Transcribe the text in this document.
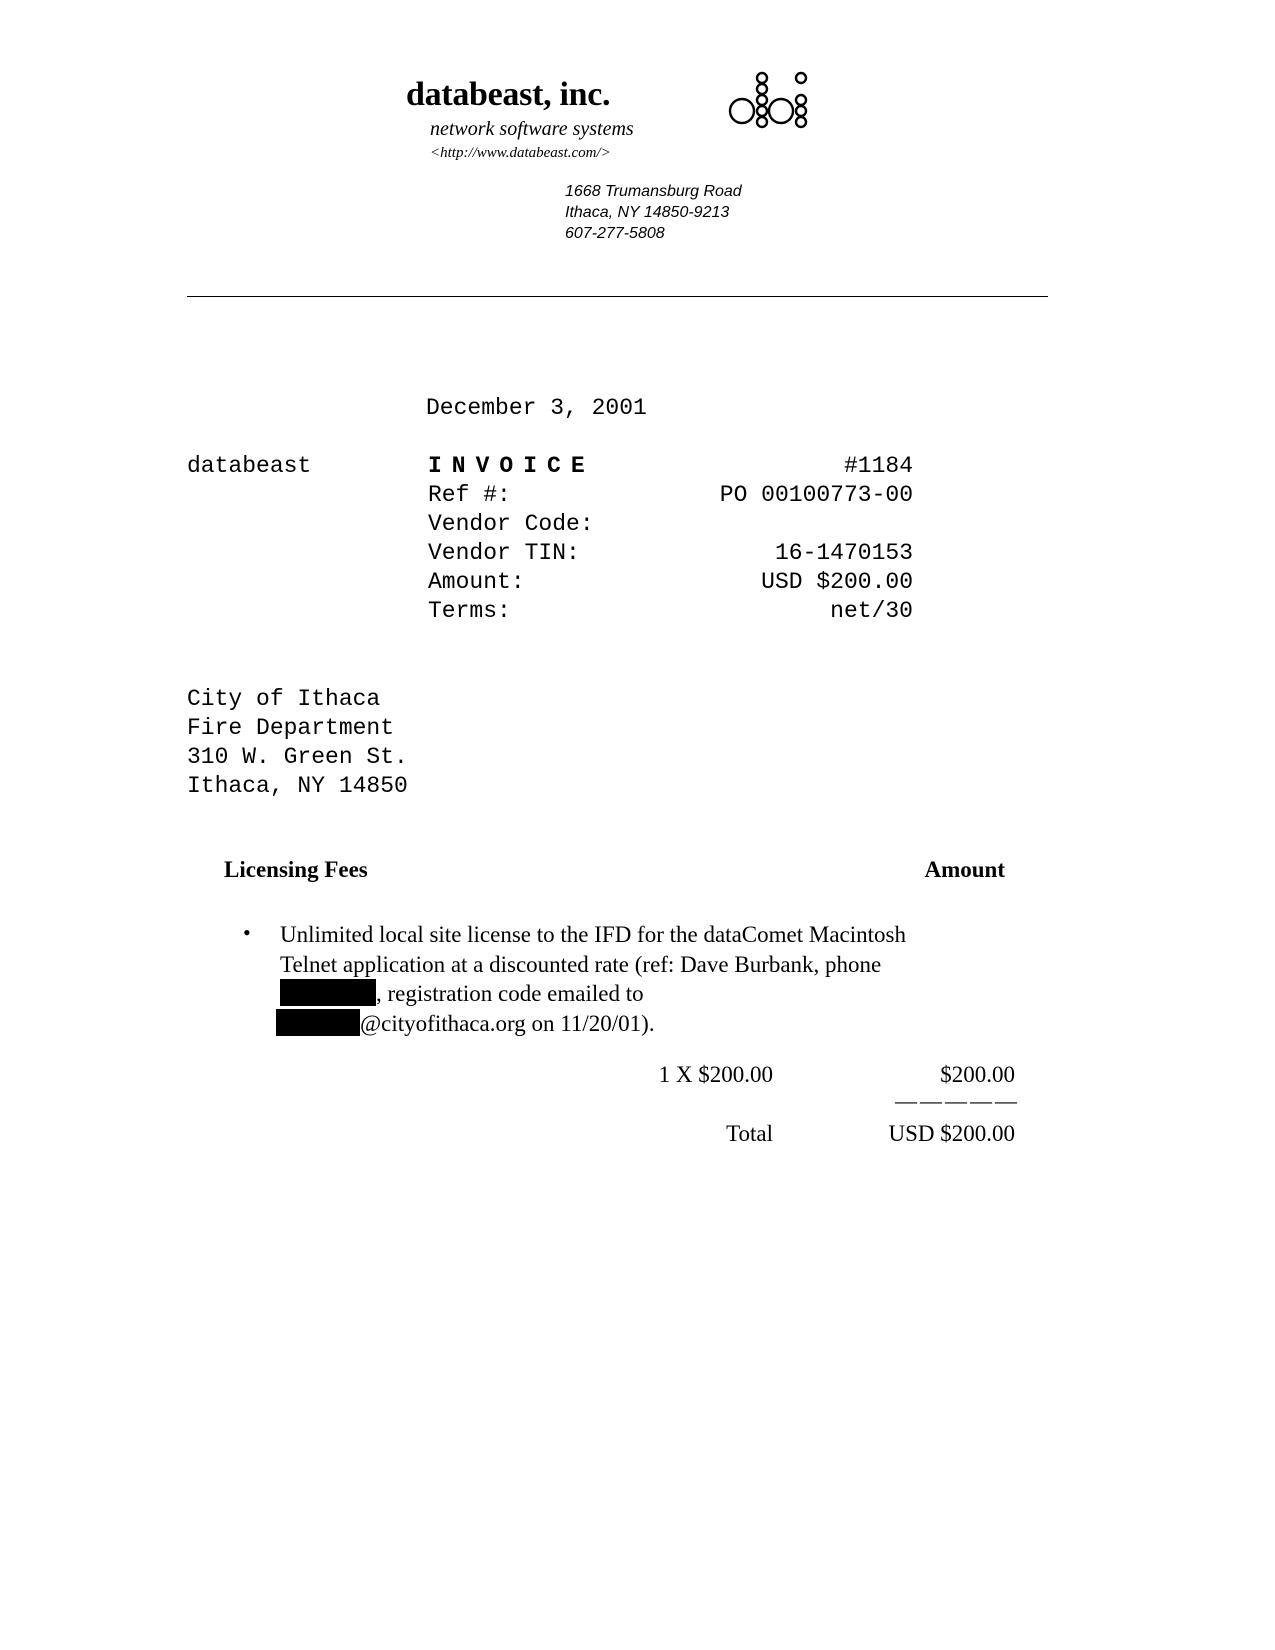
databeast, inc.
network software systems
<http://www.databeast.com/>
1668 Trumansburg Road
Ithaca, NY 14850-9213
607-277-5808
December 3, 2001
databeast	INVOICE	#1184
Ref #:	PO 00100773-00
Vendor Code:
Vendor TIN:	16-1470153
Amount:	USD $200.00
Terms:	net/30
City of Ithaca
Fire Department
310 W. Green St.
Ithaca, NY 14850
Licensing Fees	Amount
• Unlimited local site license to the IFD for the dataComet Macintosh Telnet application at a discounted rate (ref: Dave Burbank, phone , registration code emailed to
@cityofithaca.org on 11/20/01).
1 X $200.00	$200.00
—————
Total	USD $200.00
